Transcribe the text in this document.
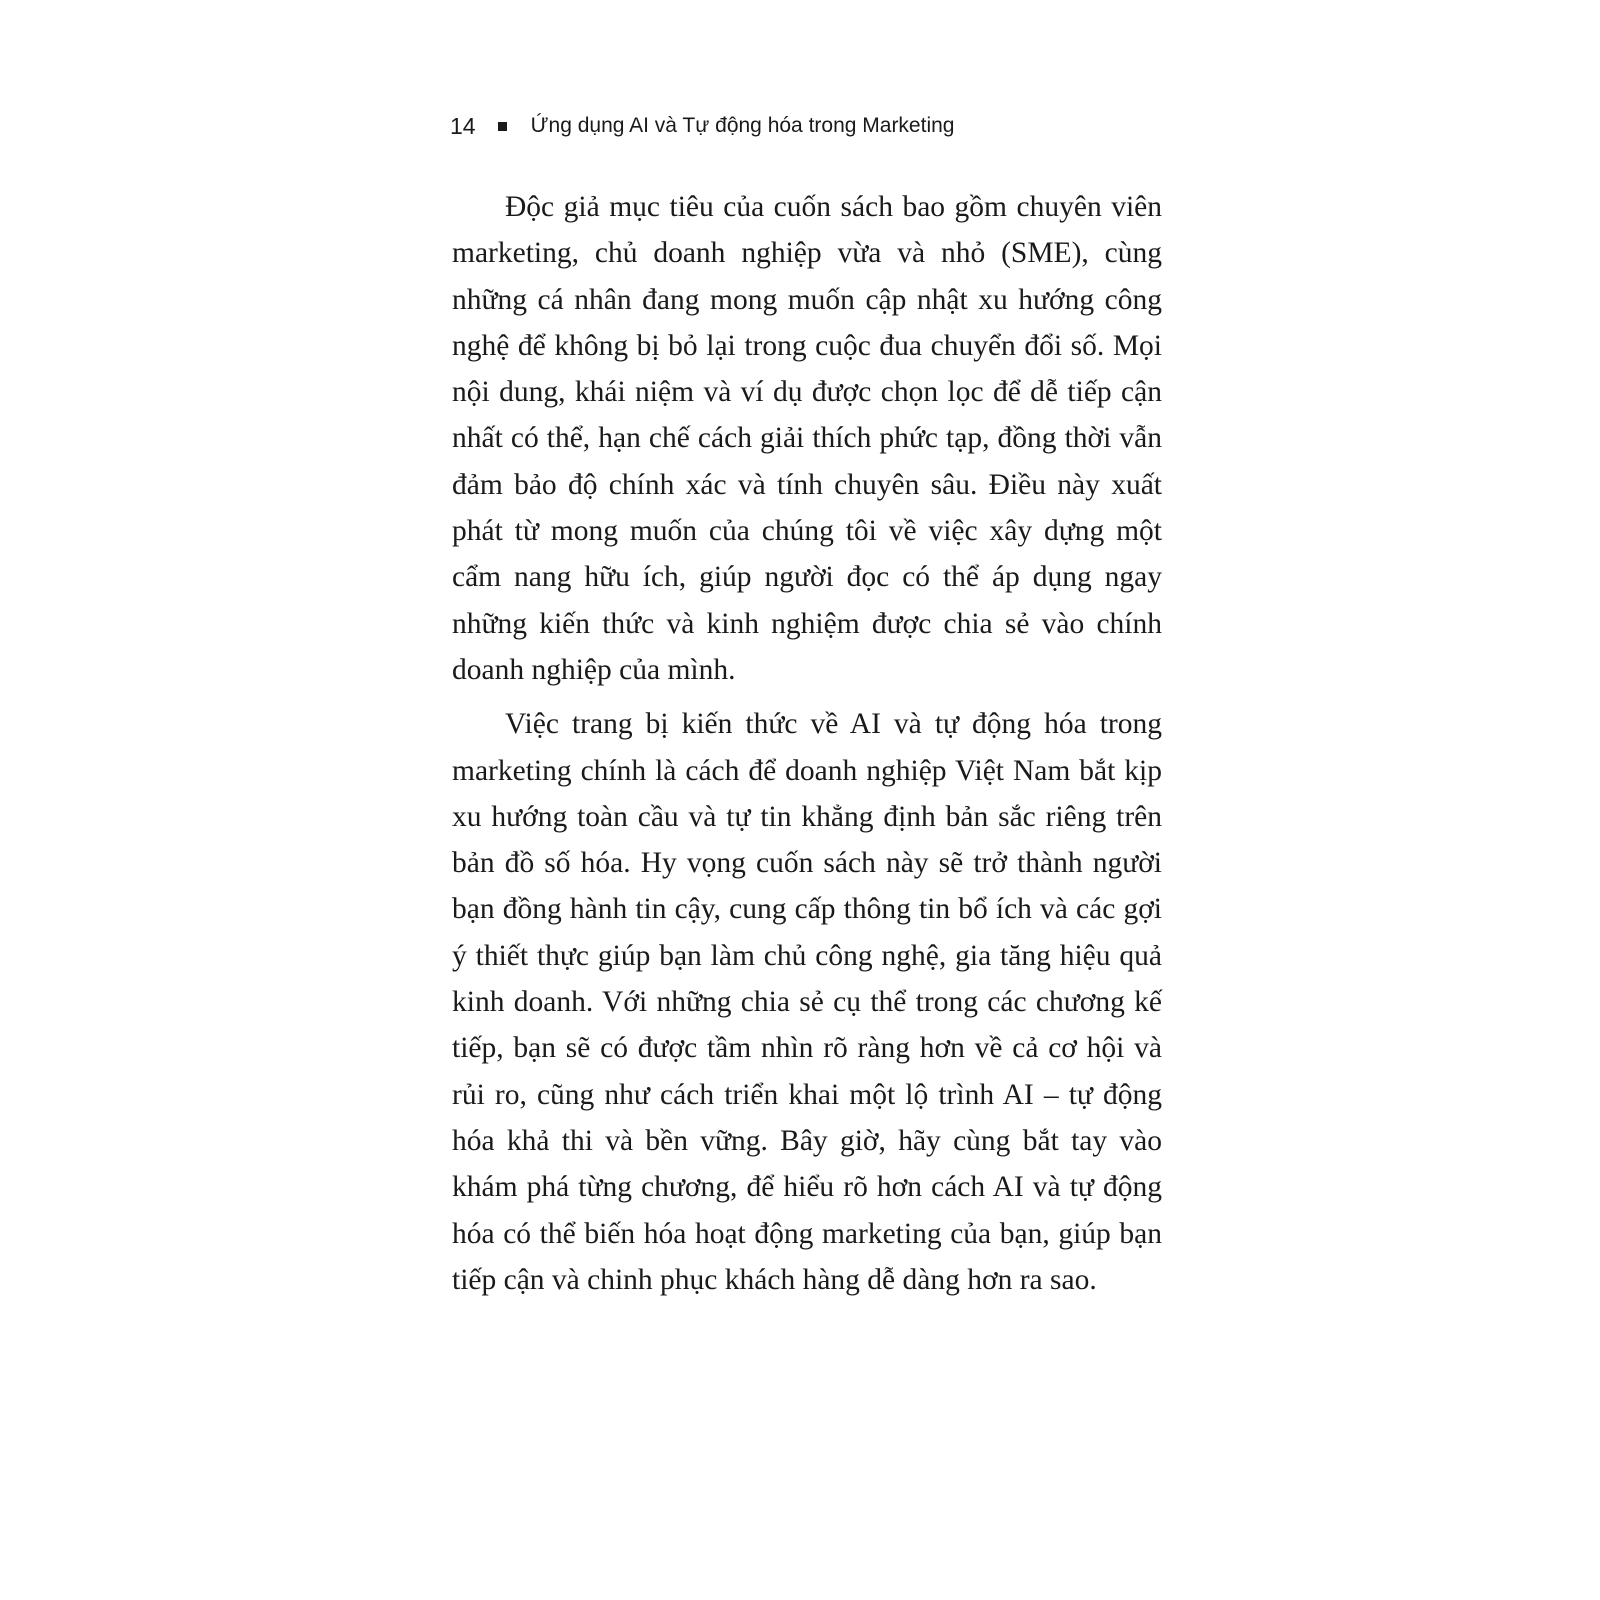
14	Ứng dụng AI và Tự động hóa trong Marketing

Độc giả mục tiêu của cuốn sách bao gồm chuyên viên marketing, chủ doanh nghiệp vừa và nhỏ (SME), cùng những cá nhân đang mong muốn cập nhật xu hướng công nghệ để không bị bỏ lại trong cuộc đua chuyển đổi số. Mọi nội dung, khái niệm và ví dụ được chọn lọc để dễ tiếp cận nhất có thể, hạn chế cách giải thích phức tạp, đồng thời vẫn đảm bảo độ chính xác và tính chuyên sâu. Điều này xuất phát từ mong muốn của chúng tôi về việc xây dựng một cẩm nang hữu ích, giúp người đọc có thể áp dụng ngay những kiến thức và kinh nghiệm được chia sẻ vào chính doanh nghiệp của mình.

Việc trang bị kiến thức về AI và tự động hóa trong marketing chính là cách để doanh nghiệp Việt Nam bắt kịp xu hướng toàn cầu và tự tin khẳng định bản sắc riêng trên bản đồ số hóa. Hy vọng cuốn sách này sẽ trở thành người bạn đồng hành tin cậy, cung cấp thông tin bổ ích và các gợi ý thiết thực giúp bạn làm chủ công nghệ, gia tăng hiệu quả kinh doanh. Với những chia sẻ cụ thể trong các chương kế tiếp, bạn sẽ có được tầm nhìn rõ ràng hơn về cả cơ hội và rủi ro, cũng như cách triển khai một lộ trình AI – tự động hóa khả thi và bền vững. Bây giờ, hãy cùng bắt tay vào khám phá từng chương, để hiểu rõ hơn cách AI và tự động hóa có thể biến hóa hoạt động marketing của bạn, giúp bạn tiếp cận và chinh phục khách hàng dễ dàng hơn ra sao.
